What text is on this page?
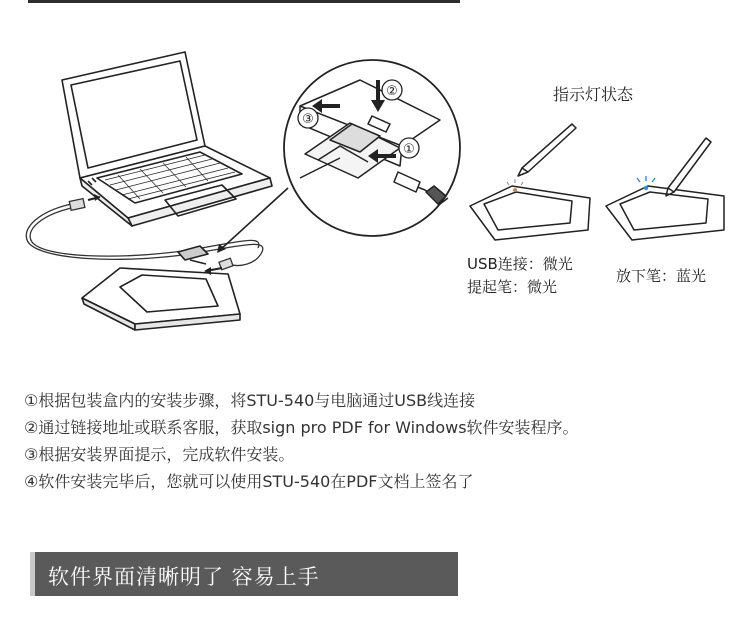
②
③
①
指示灯状态
USB连接：微光
提起笔：微光
放下笔：蓝光
①根据包装盒内的安装步骤，将STU-540与电脑通过USB线连接
②通过链接地址或联系客服，获取sign pro PDF for Windows软件安装程序。
③根据安装界面提示，完成软件安装。
④软件安装完毕后，您就可以使用STU-540在PDF文档上签名了
软件界面清晰明了 容易上手
